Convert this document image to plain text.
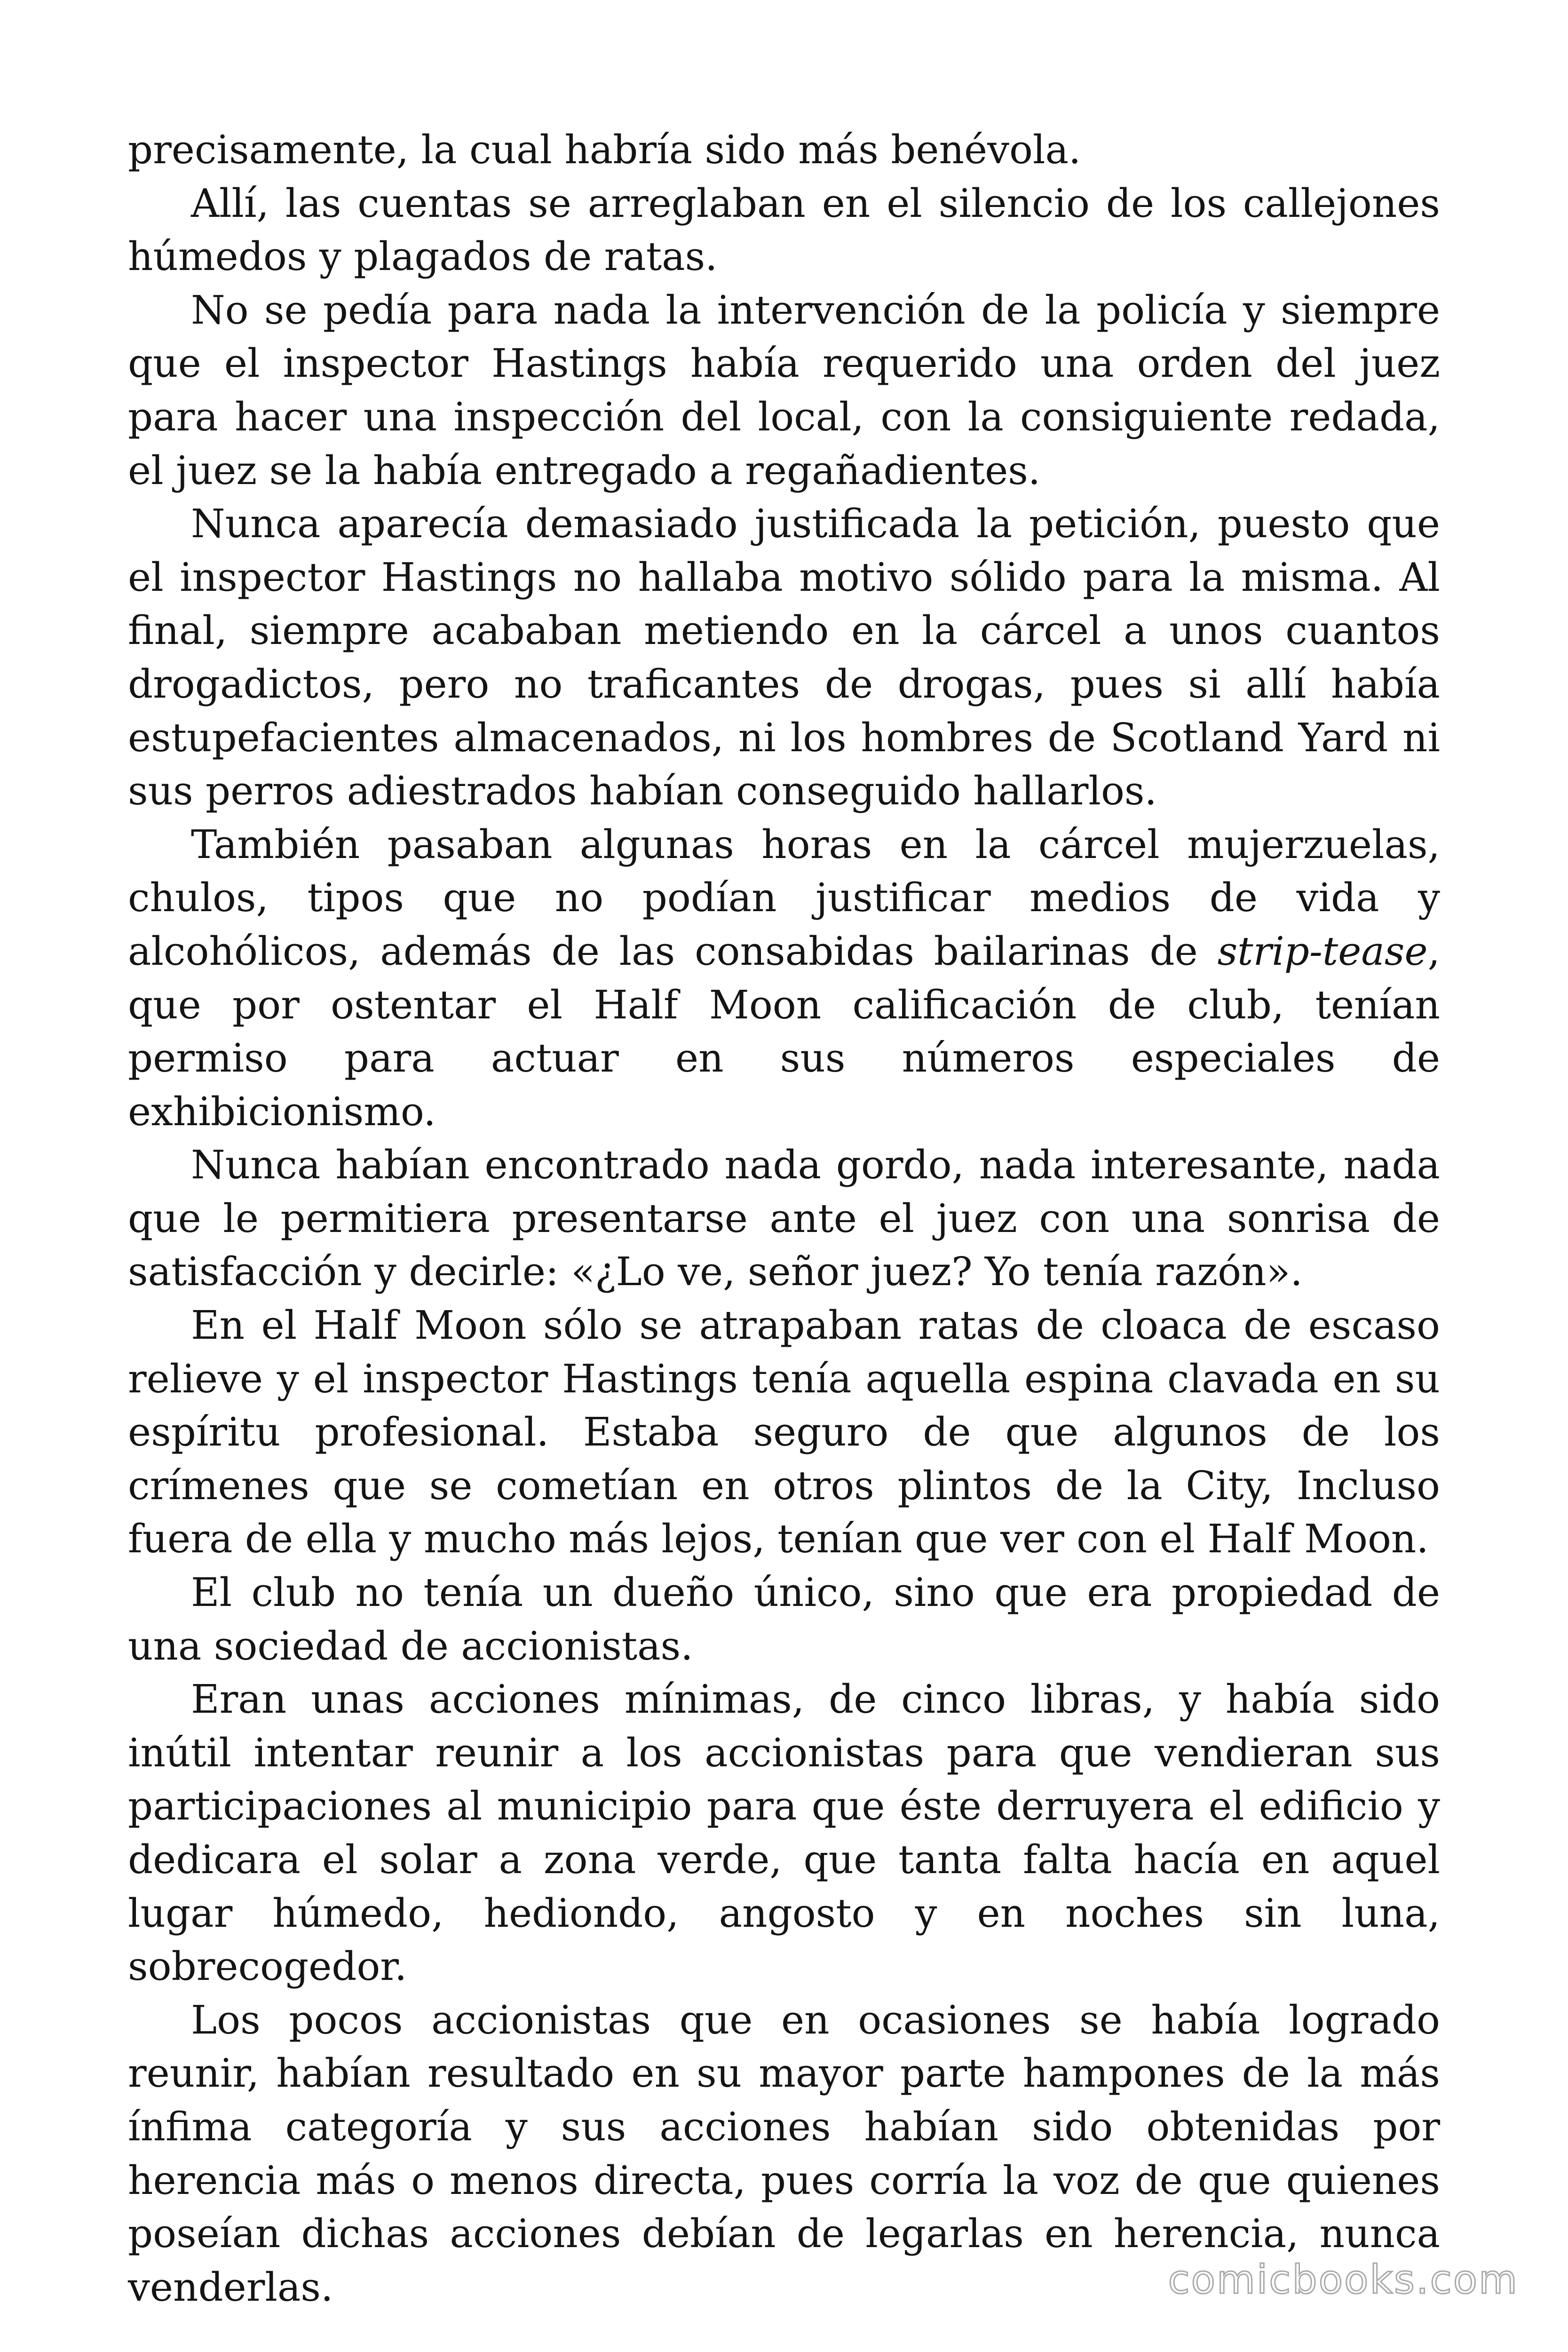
precisamente, la cual habría sido más benévola.

Allí, las cuentas se arreglaban en el silencio de los callejones húmedos y plagados de ratas.

No se pedía para nada la intervención de la policía y siempre que el inspector Hastings había requerido una orden del juez para hacer una inspección del local, con la consiguiente redada, el juez se la había entregado a regañadientes.

Nunca aparecía demasiado justificada la petición, puesto que el inspector Hastings no hallaba motivo sólido para la misma. Al final, siempre acababan metiendo en la cárcel a unos cuantos drogadictos, pero no traficantes de drogas, pues si allí había estupefacientes almacenados, ni los hombres de Scotland Yard ni sus perros adiestrados habían conseguido hallarlos.

También pasaban algunas horas en la cárcel mujerzuelas, chulos, tipos que no podían justificar medios de vida y alcohólicos, además de las consabidas bailarinas de strip-tease, que por ostentar el Half Moon calificación de club, tenían permiso para actuar en sus números especiales de exhibicionismo.

Nunca habían encontrado nada gordo, nada interesante, nada que le permitiera presentarse ante el juez con una sonrisa de satisfacción y decirle: «¿Lo ve, señor juez? Yo tenía razón».

En el Half Moon sólo se atrapaban ratas de cloaca de escaso relieve y el inspector Hastings tenía aquella espina clavada en su espíritu profesional. Estaba seguro de que algunos de los crímenes que se cometían en otros plintos de la City, Incluso fuera de ella y mucho más lejos, tenían que ver con el Half Moon.

El club no tenía un dueño único, sino que era propiedad de una sociedad de accionistas.

Eran unas acciones mínimas, de cinco libras, y había sido inútil intentar reunir a los accionistas para que vendieran sus participaciones al municipio para que éste derruyera el edificio y dedicara el solar a zona verde, que tanta falta hacía en aquel lugar húmedo, hediondo, angosto y en noches sin luna, sobrecogedor.

Los pocos accionistas que en ocasiones se había logrado reunir, habían resultado en su mayor parte hampones de la más ínfima categoría y sus acciones habían sido obtenidas por herencia más o menos directa, pues corría la voz de que quienes poseían dichas acciones debían de legarlas en herencia, nunca venderlas.	comicbooks.com
